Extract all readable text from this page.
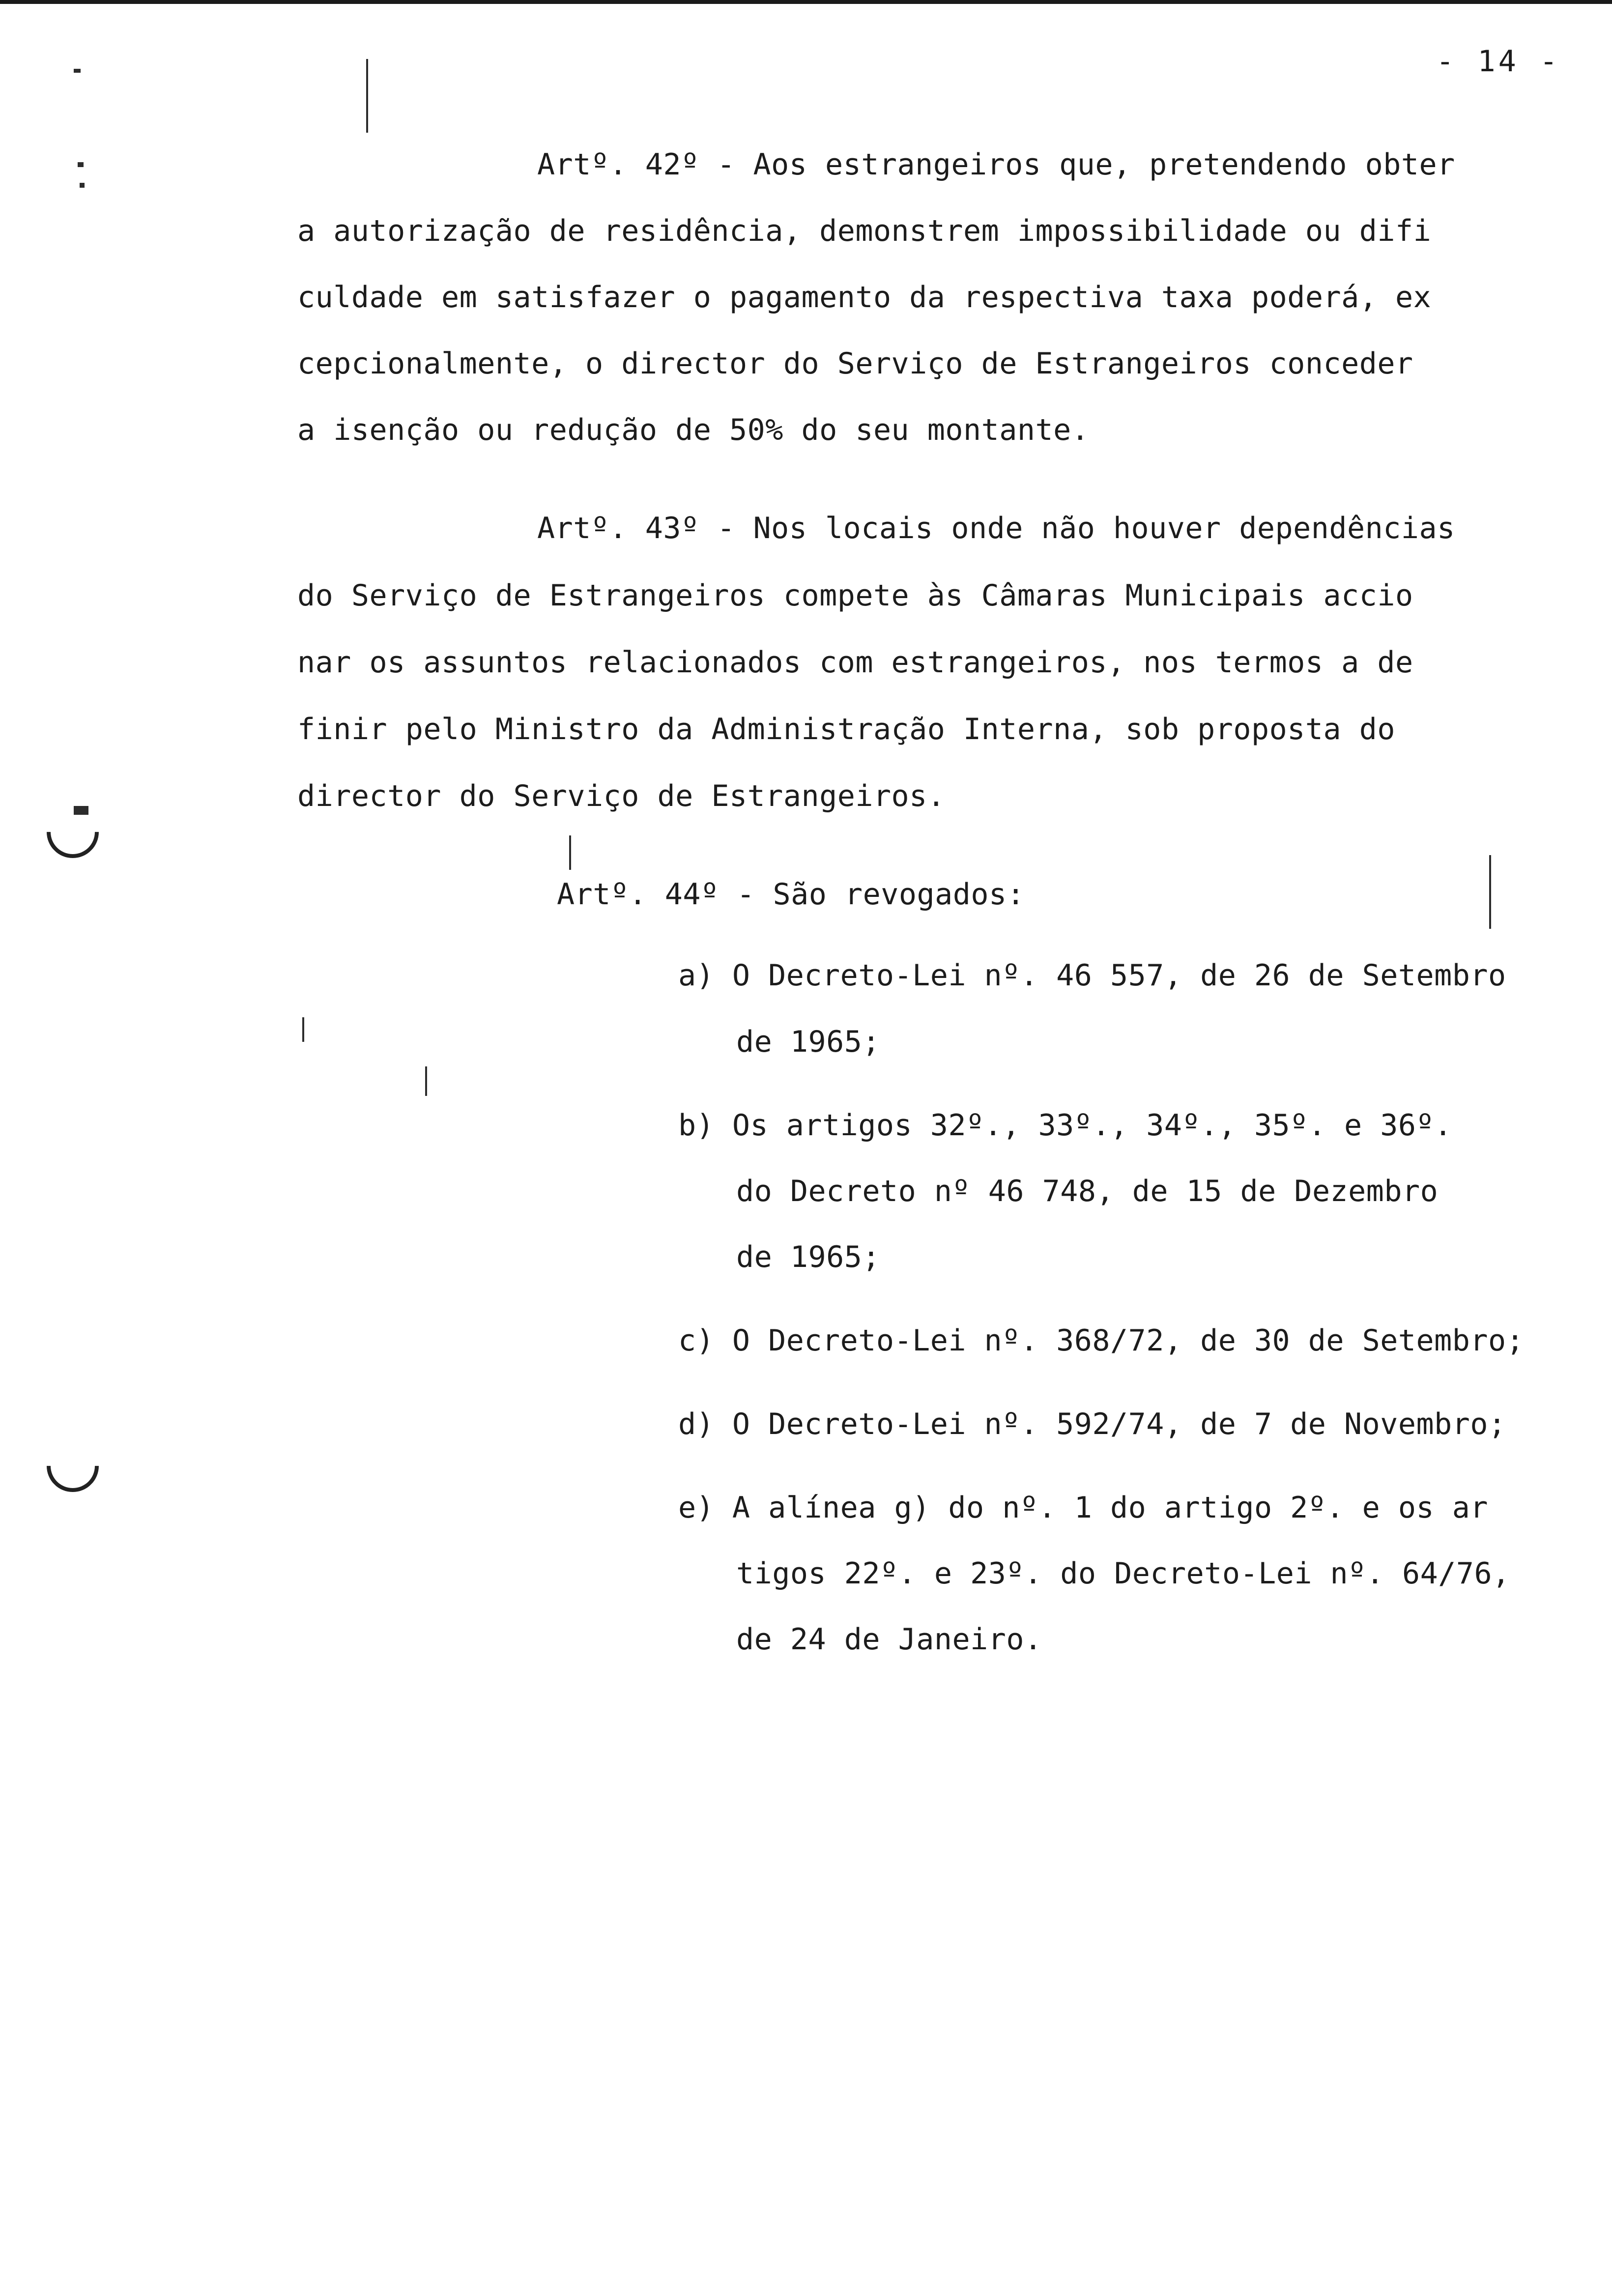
- 14 -
Artº. 42º - Aos estrangeiros que, pretendendo obter
a autorização de residência, demonstrem impossibilidade ou difi
culdade em satisfazer o pagamento da respectiva taxa poderá, ex
cepcionalmente, o director do Serviço de Estrangeiros conceder
a isenção ou redução de 50% do seu montante.
Artº. 43º - Nos locais onde não houver dependências
do Serviço de Estrangeiros compete às Câmaras Municipais accio
nar os assuntos relacionados com estrangeiros, nos termos a de
finir pelo Ministro da Administração Interna, sob proposta do
director do Serviço de Estrangeiros.
Artº. 44º - São revogados:
a) O Decreto-Lei nº. 46 557, de 26 de Setembro
de 1965;
b) Os artigos 32º., 33º., 34º., 35º. e 36º.
do Decreto nº 46 748, de 15 de Dezembro
de 1965;
c) O Decreto-Lei nº. 368/72, de 30 de Setembro;
d) O Decreto-Lei nº. 592/74, de 7 de Novembro;
e) A alínea g) do nº. 1 do artigo 2º. e os ar
tigos 22º. e 23º. do Decreto-Lei nº. 64/76,
de 24 de Janeiro.
